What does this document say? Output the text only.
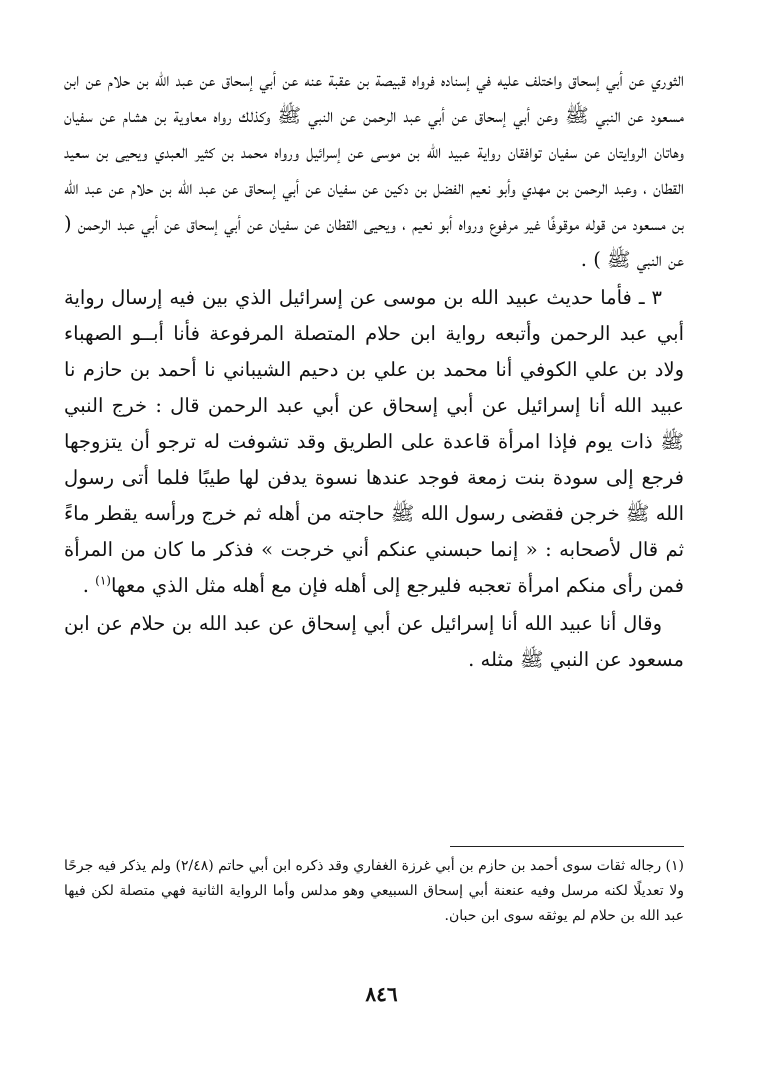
الثوري عن أبي إسحاق واختلف عليه في إسناده فرواه قبيصة بن عقبة عنه عن أبي إسحاق عن عبد الله بن حلام عن ابن مسعود عن النبي ﷺ وعن أبي إسحاق عن أبي عبد الرحمن عن النبي ﷺ وكذلك رواه معاوية بن هشام عن سفيان وهاتان الروايتان عن سفيان توافقان رواية عبيد الله بن موسى عن إسرائيل ورواه محمد بن كثير العبدي ويحيى بن سعيد القطان ، وعبد الرحمن بن مهدي وأبو نعيم الفضل بن دكين عن سفيان عن أبي إسحاق عن عبد الله بن حلام عن عبد الله بن مسعود من قوله موقوفًا غير مرفوع ورواه أبو نعيم ، ويحيى القطان عن سفيان عن أبي إسحاق عن أبي عبد الرحمن ( عن النبي ﷺ ) .

٣ ـ فأما حديث عبيد الله بن موسى عن إسرائيل الذي بين فيه إرسال رواية أبي عبد الرحمن وأتبعه رواية ابن حلام المتصلة المرفوعة فأنا أبــو الصهباء ولاد بن علي الكوفي أنا محمد بن علي بن دحيم الشيباني نا أحمد بن حازم نا عبيد الله أنا إسرائيل عن أبي إسحاق عن أبي عبد الرحمن قال : خرج النبي ﷺ ذات يوم فإذا امرأة قاعدة على الطريق وقد تشوفت له ترجو أن يتزوجها فرجع إلى سودة بنت زمعة فوجد عندها نسوة يدفن لها طيبًا فلما أتى رسول الله ﷺ خرجن فقضى رسول الله ﷺ حاجته من أهله ثم خرج ورأسه يقطر ماءً ثم قال لأصحابه : « إنما حبسني عنكم أني خرجت » فذكر ما كان من المرأة فمن رأى منكم امرأة تعجبه فليرجع إلى أهله فإن مع أهله مثل الذي معها$^{(١)}$ .

وقال أنا عبيد الله أنا إسرائيل عن أبي إسحاق عن عبد الله بن حلام عن ابن مسعود عن النبي ﷺ مثله .

(١) رجاله ثقات سوى أحمد بن حازم بن أبي غرزة الغفاري وقد ذكره ابن أبي حاتم (٢/٤٨) ولم يذكر فيه جرحًا ولا تعديلًا لكنه مرسل وفيه عنعنة أبي إسحاق السبيعي وهو مدلس وأما الرواية الثانية فهي متصلة لكن فيها عبد الله بن حلام لم يوثقه سوى ابن حبان.

٨٤٦
